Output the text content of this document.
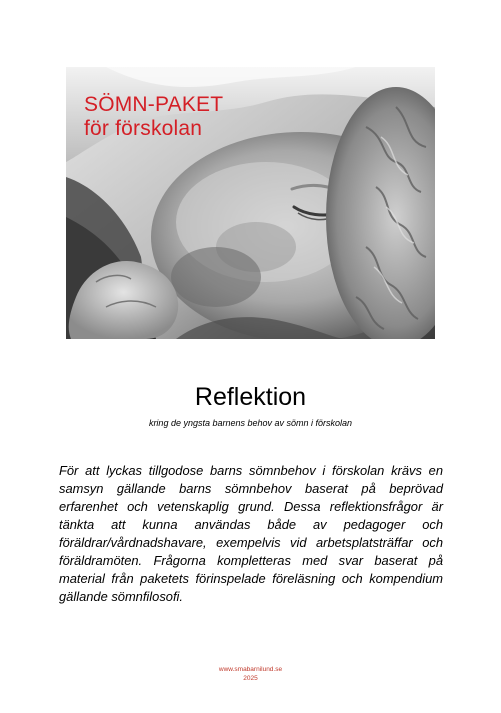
SÖMN-PAKET
för förskolan
Reflektion
kring de yngsta barnens behov av sömn i förskolan
För att lyckas tillgodose barns sömnbehov i förskolan krävs en samsyn gällande barns sömnbehov baserat på beprövad erfarenhet och vetenskaplig grund. Dessa reflektionsfrågor är tänkta att kunna användas både av pedagoger och föräldrar/vårdnadshavare, exempelvis vid arbetsplatsträffar och föräldramöten. Frågorna kompletteras med svar baserat på material från paketets förinspelade föreläsning och kompendium gällande sömnfilosofi.
www.smabarnilund.se
2025
